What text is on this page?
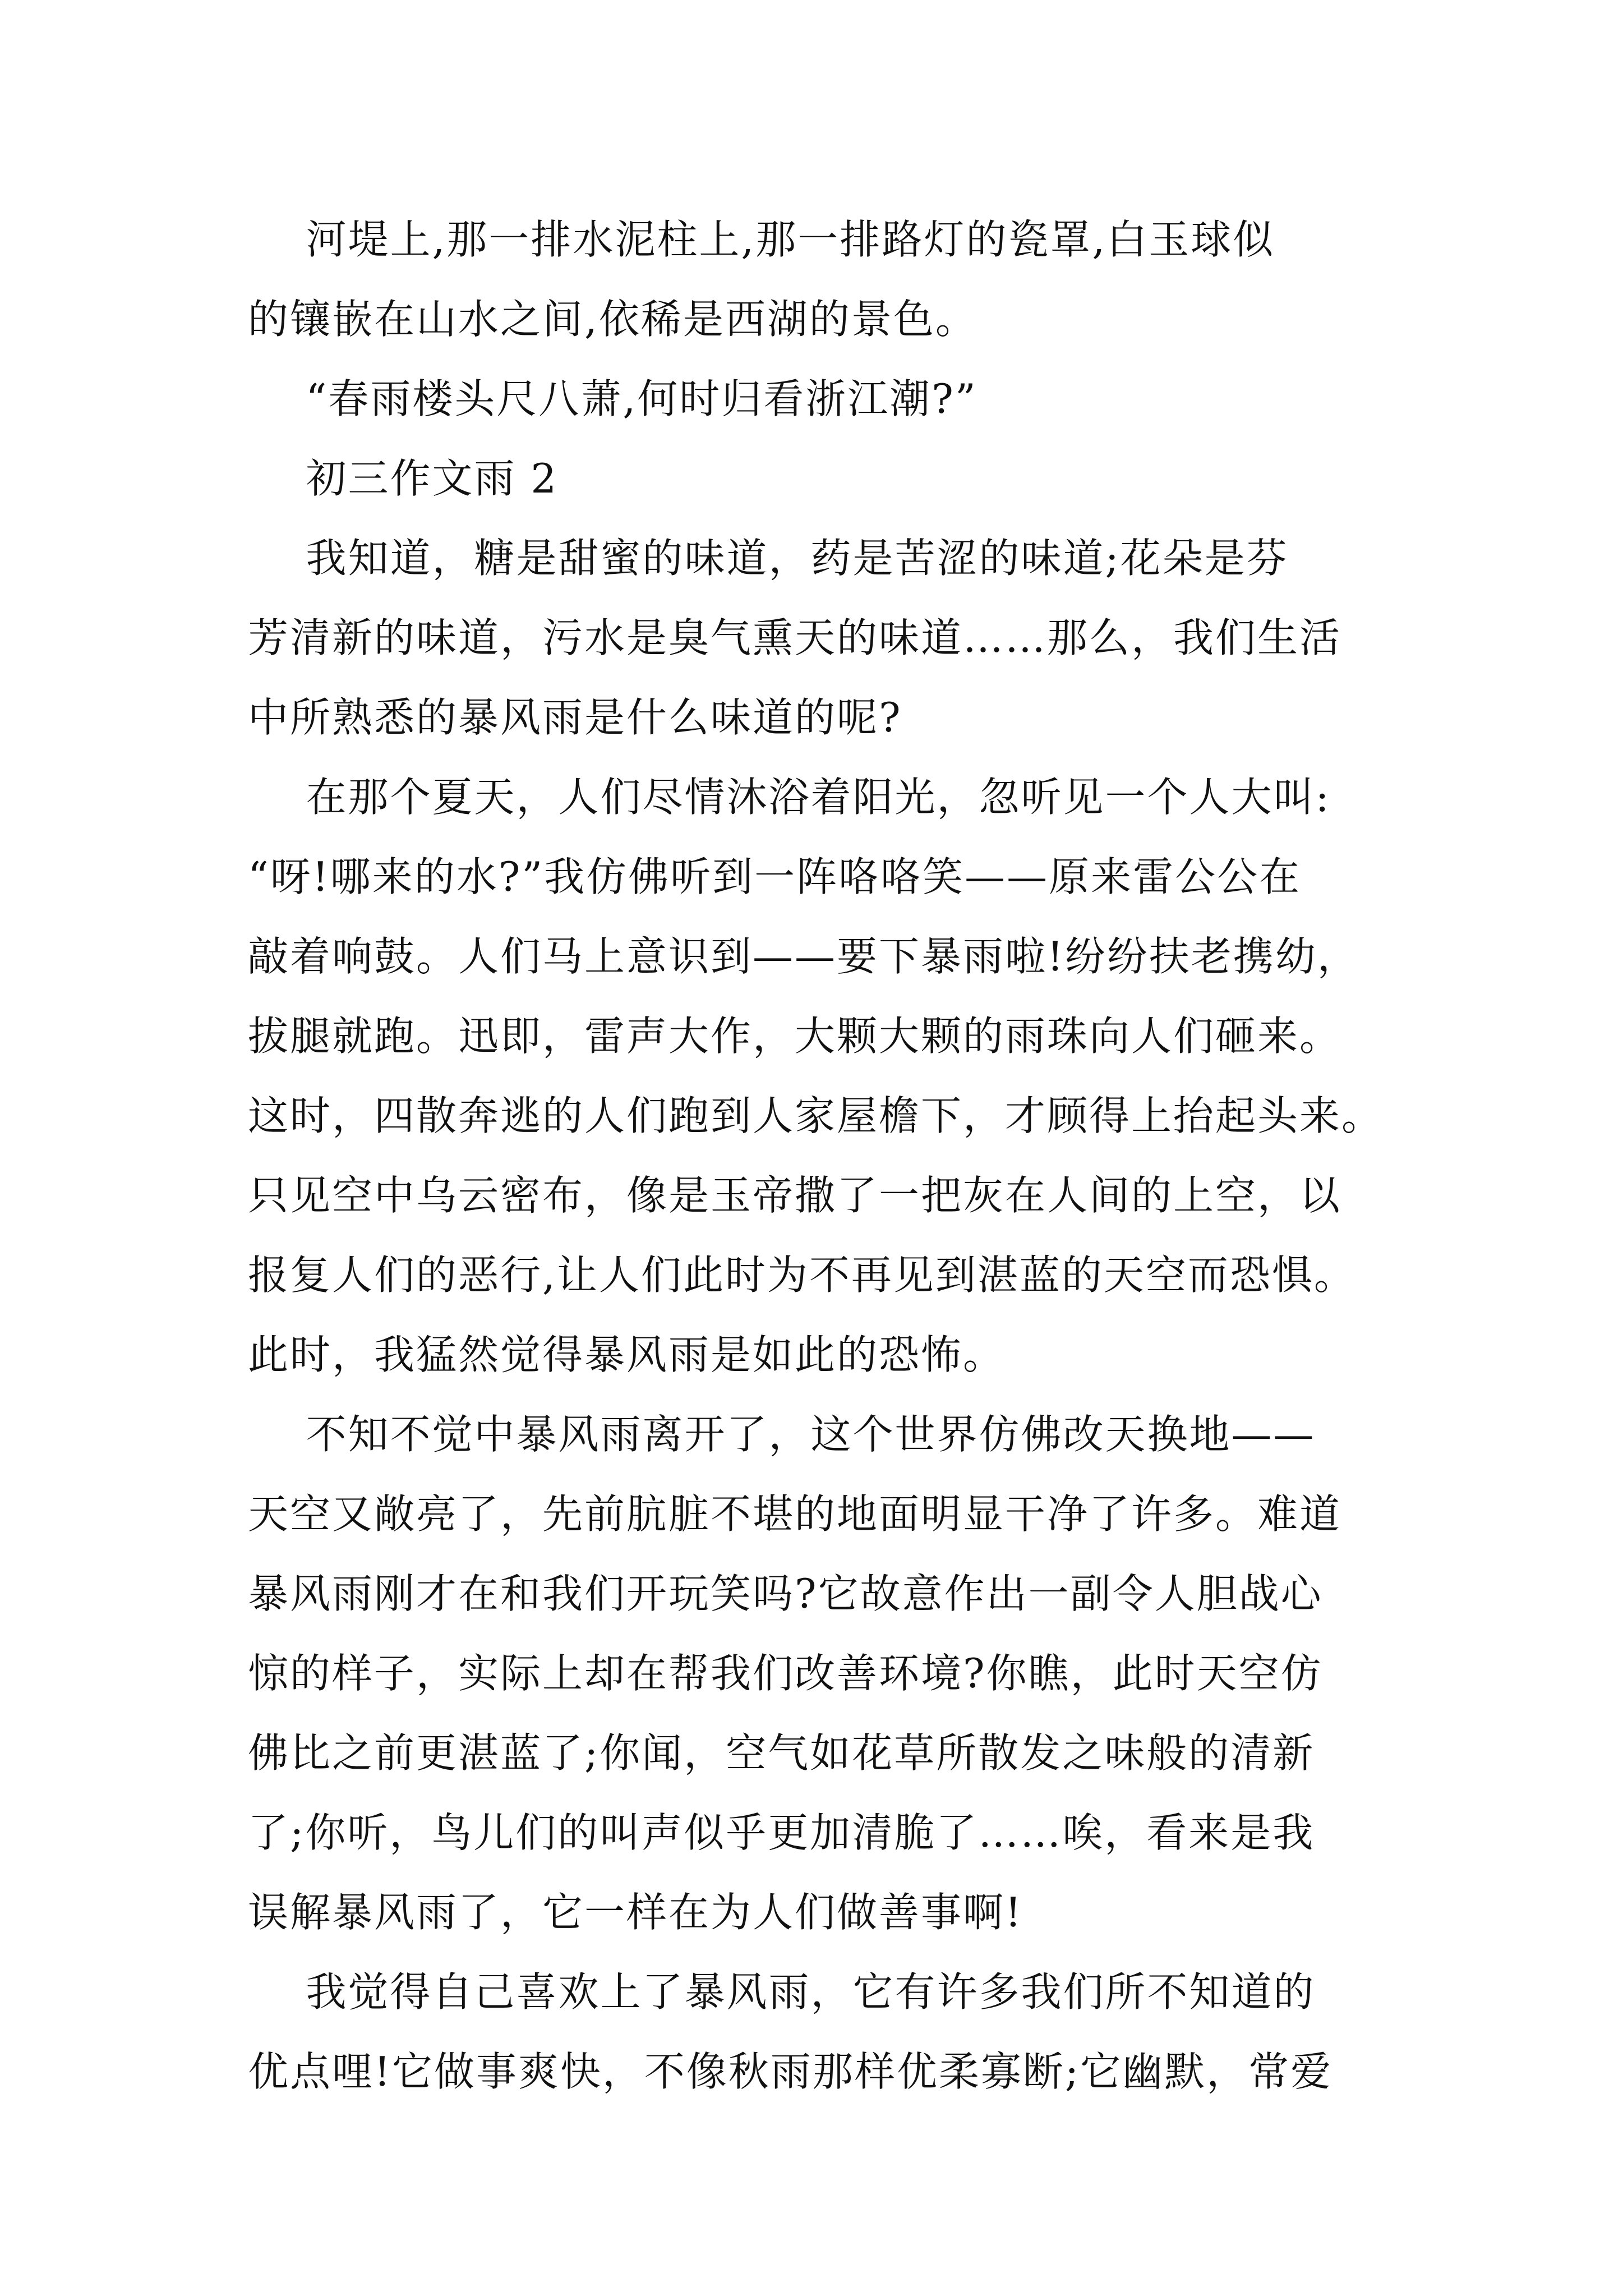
河堤上,那一排水泥柱上,那一排路灯的瓷罩,白玉球似
的镶嵌在山水之间,依稀是西湖的景色。
“春雨楼头尺八萧,何时归看浙江潮?”
初三作文雨 2
我知道，糖是甜蜜的味道，药是苦涩的味道;花朵是芬
芳清新的味道，污水是臭气熏天的味道……那么，我们生活
中所熟悉的暴风雨是什么味道的呢?
在那个夏天，人们尽情沐浴着阳光，忽听见一个人大叫:
“呀!哪来的水?”我仿佛听到一阵咯咯笑——原来雷公公在
敲着响鼓。人们马上意识到——要下暴雨啦!纷纷扶老携幼，
拔腿就跑。迅即，雷声大作，大颗大颗的雨珠向人们砸来。
这时，四散奔逃的人们跑到人家屋檐下，才顾得上抬起头来。
只见空中乌云密布，像是玉帝撒了一把灰在人间的上空，以
报复人们的恶行,让人们此时为不再见到湛蓝的天空而恐惧。
此时，我猛然觉得暴风雨是如此的恐怖。
不知不觉中暴风雨离开了，这个世界仿佛改天换地——
天空又敞亮了，先前肮脏不堪的地面明显干净了许多。难道
暴风雨刚才在和我们开玩笑吗?它故意作出一副令人胆战心
惊的样子，实际上却在帮我们改善环境?你瞧，此时天空仿
佛比之前更湛蓝了;你闻，空气如花草所散发之味般的清新
了;你听，鸟儿们的叫声似乎更加清脆了……唉，看来是我
误解暴风雨了，它一样在为人们做善事啊!
我觉得自己喜欢上了暴风雨，它有许多我们所不知道的
优点哩!它做事爽快，不像秋雨那样优柔寡断;它幽默，常爱
